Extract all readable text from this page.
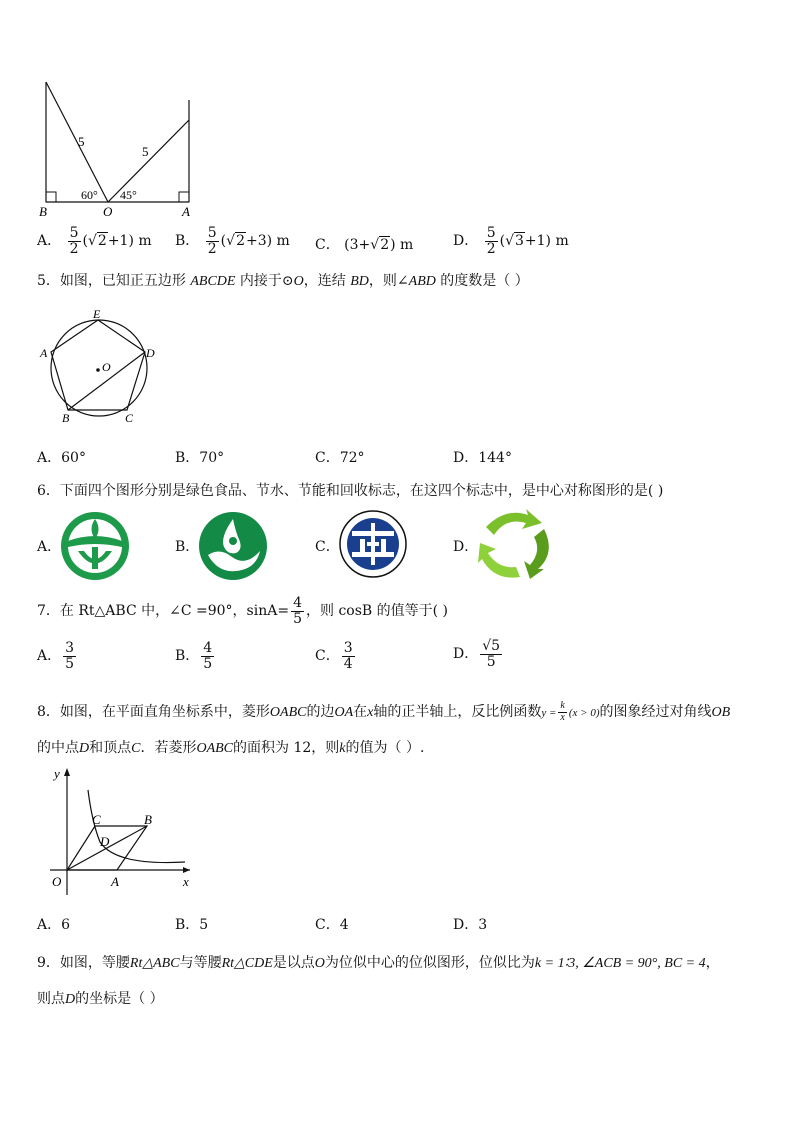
5
5
60° 45°
B	O	A
A． $\frac{5}{2} (√2+1)$ m B． $\frac{5}{2} (√2+3)$ m C． (3+√2) m	D． $\frac{5}{2} (√3+1)$ m
5．如图，已知正五边形 ABCDE 内接于⊙O，连结 BD，则∠ABD 的度数是（ ）
E
D
A
O
B	C
A．60°	B．70°	C．72°	D．144°
6．下面四个图形分别是绿色食品、节水、节能和回收标志，在这四个标志中，是中心对称图形的是( )
A．	B．	C．	D．
7．在 Rt△ABC 中，∠C =90°，$\sin A= \frac{4}{5}$ ，则 cosB 的值等于( )
A． $\frac{3}{5}$	B． $\frac{4}{5}$	C． $\frac{3}{4}$	D． $\frac{√5}{5}$
8．如图，在平面直角坐标系中，菱形OABC的边OA在x轴的正半轴上，反比例函数$y = \frac{k}{x} (x > 0)$的图象经过对角线OB
的中点D和顶点C．若菱形OABC的面积为 12，则k的值为（ ）.
y
x
O	A
B
C
D
A．6	B．5	C．4	D．3
9．如图，等腰Rt△ABC与等腰Rt△CDE是以点O为位似中心的位似图形，位似比为k = 1∶3, ∠ACB = 90°, BC = 4，
则点D的坐标是（ ）
